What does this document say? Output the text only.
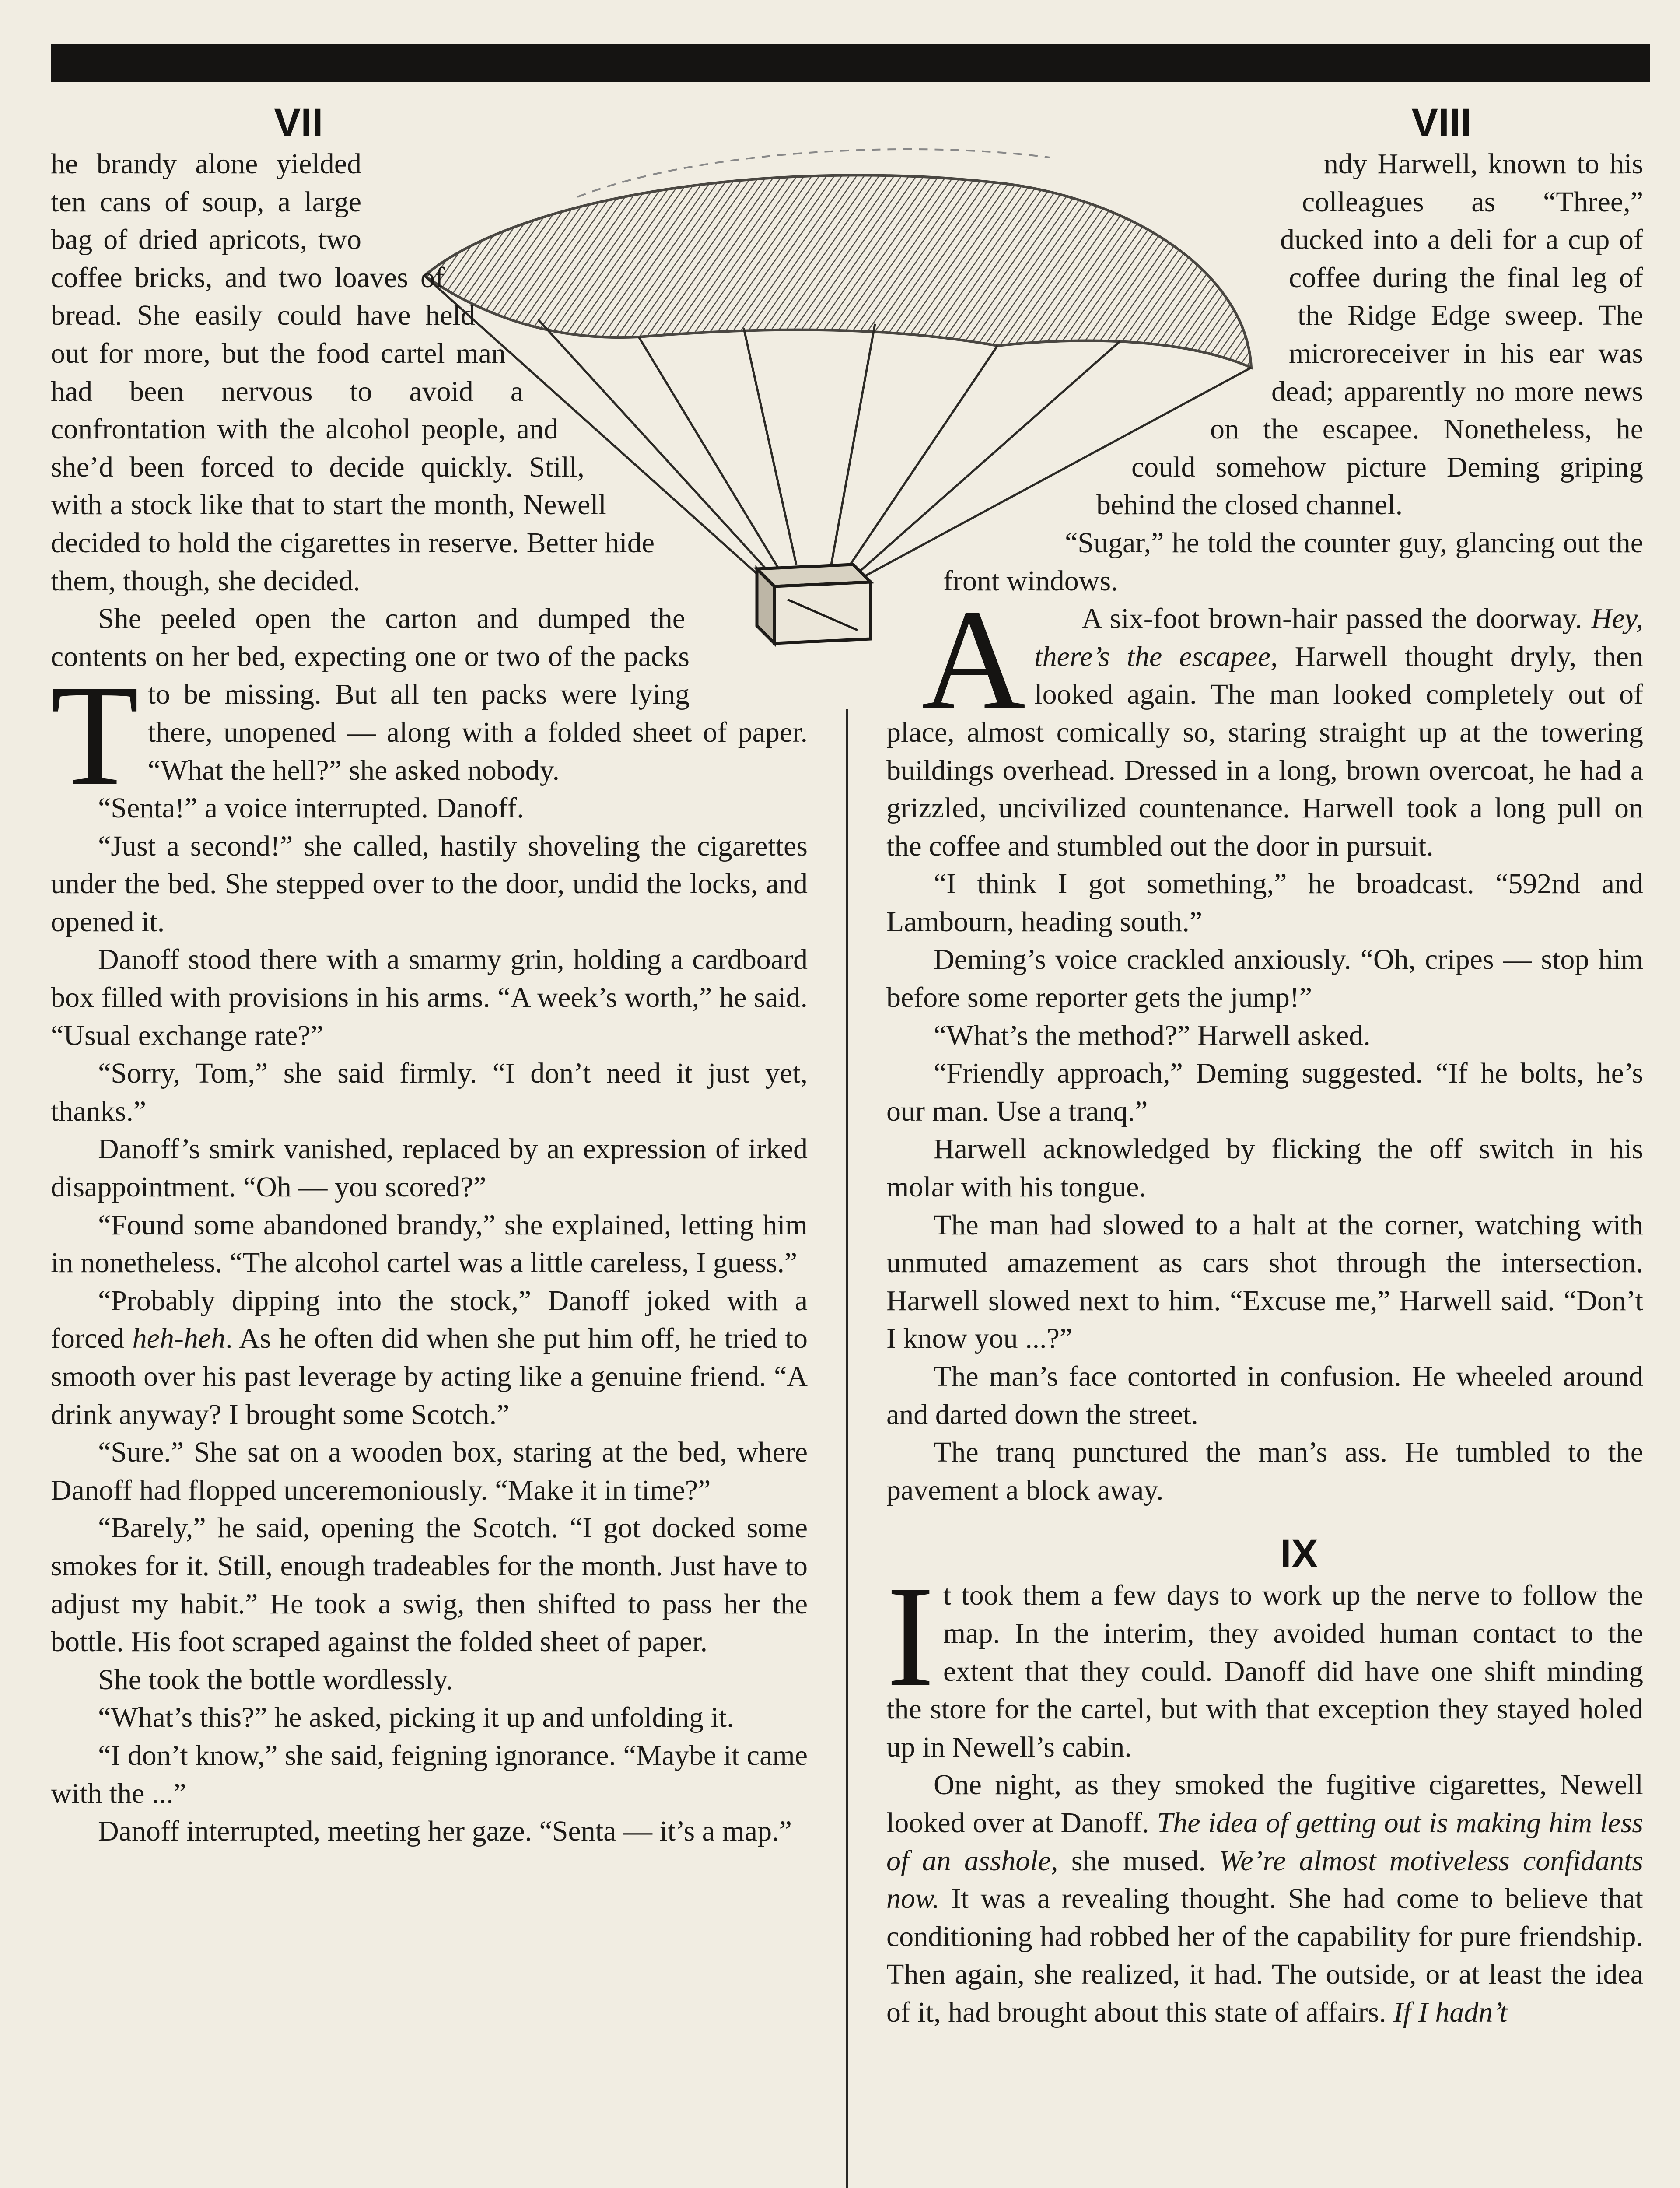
VII

T
he brandy alone yielded ten cans of soup, a large bag of dried apricots, two coffee bricks, and two loaves of bread. She easily could have held out for more, but the food cartel man had been nervous to avoid a confrontation with the alcohol people, and she’d been forced to decide quickly. Still, with a stock like that to start the month, Newell decided to hold the cigarettes in reserve. Better hide them, though, she decided.

She peeled open the carton and dumped the contents on her bed, expecting one or two of the packs to be missing. But all ten packs were lying there, unopened — along with a folded sheet of paper. “What the hell?” she asked nobody.

“Senta!” a voice interrupted. Danoff.

“Just a second!” she called, hastily shoveling the cigarettes under the bed. She stepped over to the door, undid the locks, and opened it.

Danoff stood there with a smarmy grin, holding a cardboard box filled with provisions in his arms. “A week’s worth,” he said. “Usual exchange rate?”

“Sorry, Tom,” she said firmly. “I don’t need it just yet, thanks.”

Danoff’s smirk vanished, replaced by an expression of irked disappointment. “Oh — you scored?”

“Found some abandoned brandy,” she explained, letting him in nonetheless. “The alcohol cartel was a little careless, I guess.”

“Probably dipping into the stock,” Danoff joked with a forced heh-heh. As he often did when she put him off, he tried to smooth over his past leverage by acting like a genuine friend. “A drink anyway? I brought some Scotch.”

“Sure.” She sat on a wooden box, staring at the bed, where Danoff had flopped unceremoniously. “Make it in time?”

“Barely,” he said, opening the Scotch. “I got docked some smokes for it. Still, enough tradeables for the month. Just have to adjust my habit.” He took a swig, then shifted to pass her the bottle. His foot scraped against the folded sheet of paper.

She took the bottle wordlessly.

“What’s this?” he asked, picking it up and unfolding it.

“I don’t know,” she said, feigning ignorance. “Maybe it came with the ...”

Danoff interrupted, meeting her gaze. “Senta — it’s a map.”

VIII

A
ndy Harwell, known to his colleagues as “Three,” ducked into a deli for a cup of coffee during the final leg of the Ridge Edge sweep. The microreceiver in his ear was dead; apparently no more news on the escapee. Nonetheless, he could somehow picture Deming griping behind the closed channel.

“Sugar,” he told the counter guy, glancing out the front windows.

A six-foot brown-hair passed the doorway. Hey, there’s the escapee, Harwell thought dryly, then looked again. The man looked completely out of place, almost comically so, staring straight up at the towering buildings overhead. Dressed in a long, brown overcoat, he had a grizzled, uncivilized countenance. Harwell took a long pull on the coffee and stumbled out the door in pursuit.

“I think I got something,” he broadcast. “592nd and Lambourn, heading south.”

Deming’s voice crackled anxiously. “Oh, cripes — stop him before some reporter gets the jump!”

“What’s the method?” Harwell asked.

“Friendly approach,” Deming suggested. “If he bolts, he’s our man. Use a tranq.”

Harwell acknowledged by flicking the off switch in his molar with his tongue.

The man had slowed to a halt at the corner, watching with unmuted amazement as cars shot through the intersection. Harwell slowed next to him. “Excuse me,” Harwell said. “Don’t I know you ...?”

The man’s face contorted in confusion. He wheeled around and darted down the street.

The tranq punctured the man’s ass. He tumbled to the pavement a block away.

IX

It took them a few days to work up the nerve to follow the map. In the interim, they avoided human contact to the extent that they could. Danoff did have one shift minding the store for the cartel, but with that exception they stayed holed up in Newell’s cabin.

One night, as they smoked the fugitive cigarettes, Newell looked over at Danoff. The idea of getting out is making him less of an asshole, she mused. We’re almost motiveless confidants now. It was a revealing thought. She had come to believe that conditioning had robbed her of the capability for pure friendship. Then again, she realized, it had. The outside, or at least the idea of it, had brought about this state of affairs. If I hadn’t
